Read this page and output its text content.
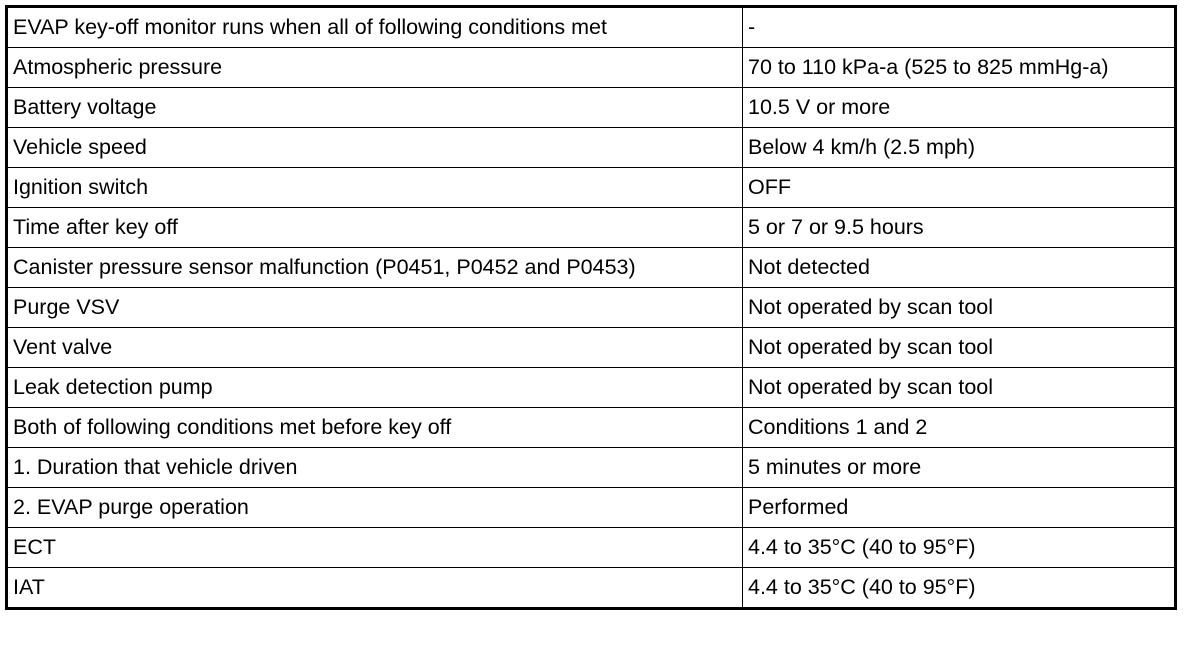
EVAP key-off monitor runs when all of following conditions met	-
Atmospheric pressure	70 to 110 kPa-a (525 to 825 mmHg-a)
Battery voltage	10.5 V or more
Vehicle speed	Below 4 km/h (2.5 mph)
Ignition switch	OFF
Time after key off	5 or 7 or 9.5 hours
Canister pressure sensor malfunction (P0451, P0452 and P0453)	Not detected
Purge VSV	Not operated by scan tool
Vent valve	Not operated by scan tool
Leak detection pump	Not operated by scan tool
Both of following conditions met before key off	Conditions 1 and 2
1. Duration that vehicle driven	5 minutes or more
2. EVAP purge operation	Performed
ECT	4.4 to 35°C (40 to 95°F)
IAT	4.4 to 35°C (40 to 95°F)
